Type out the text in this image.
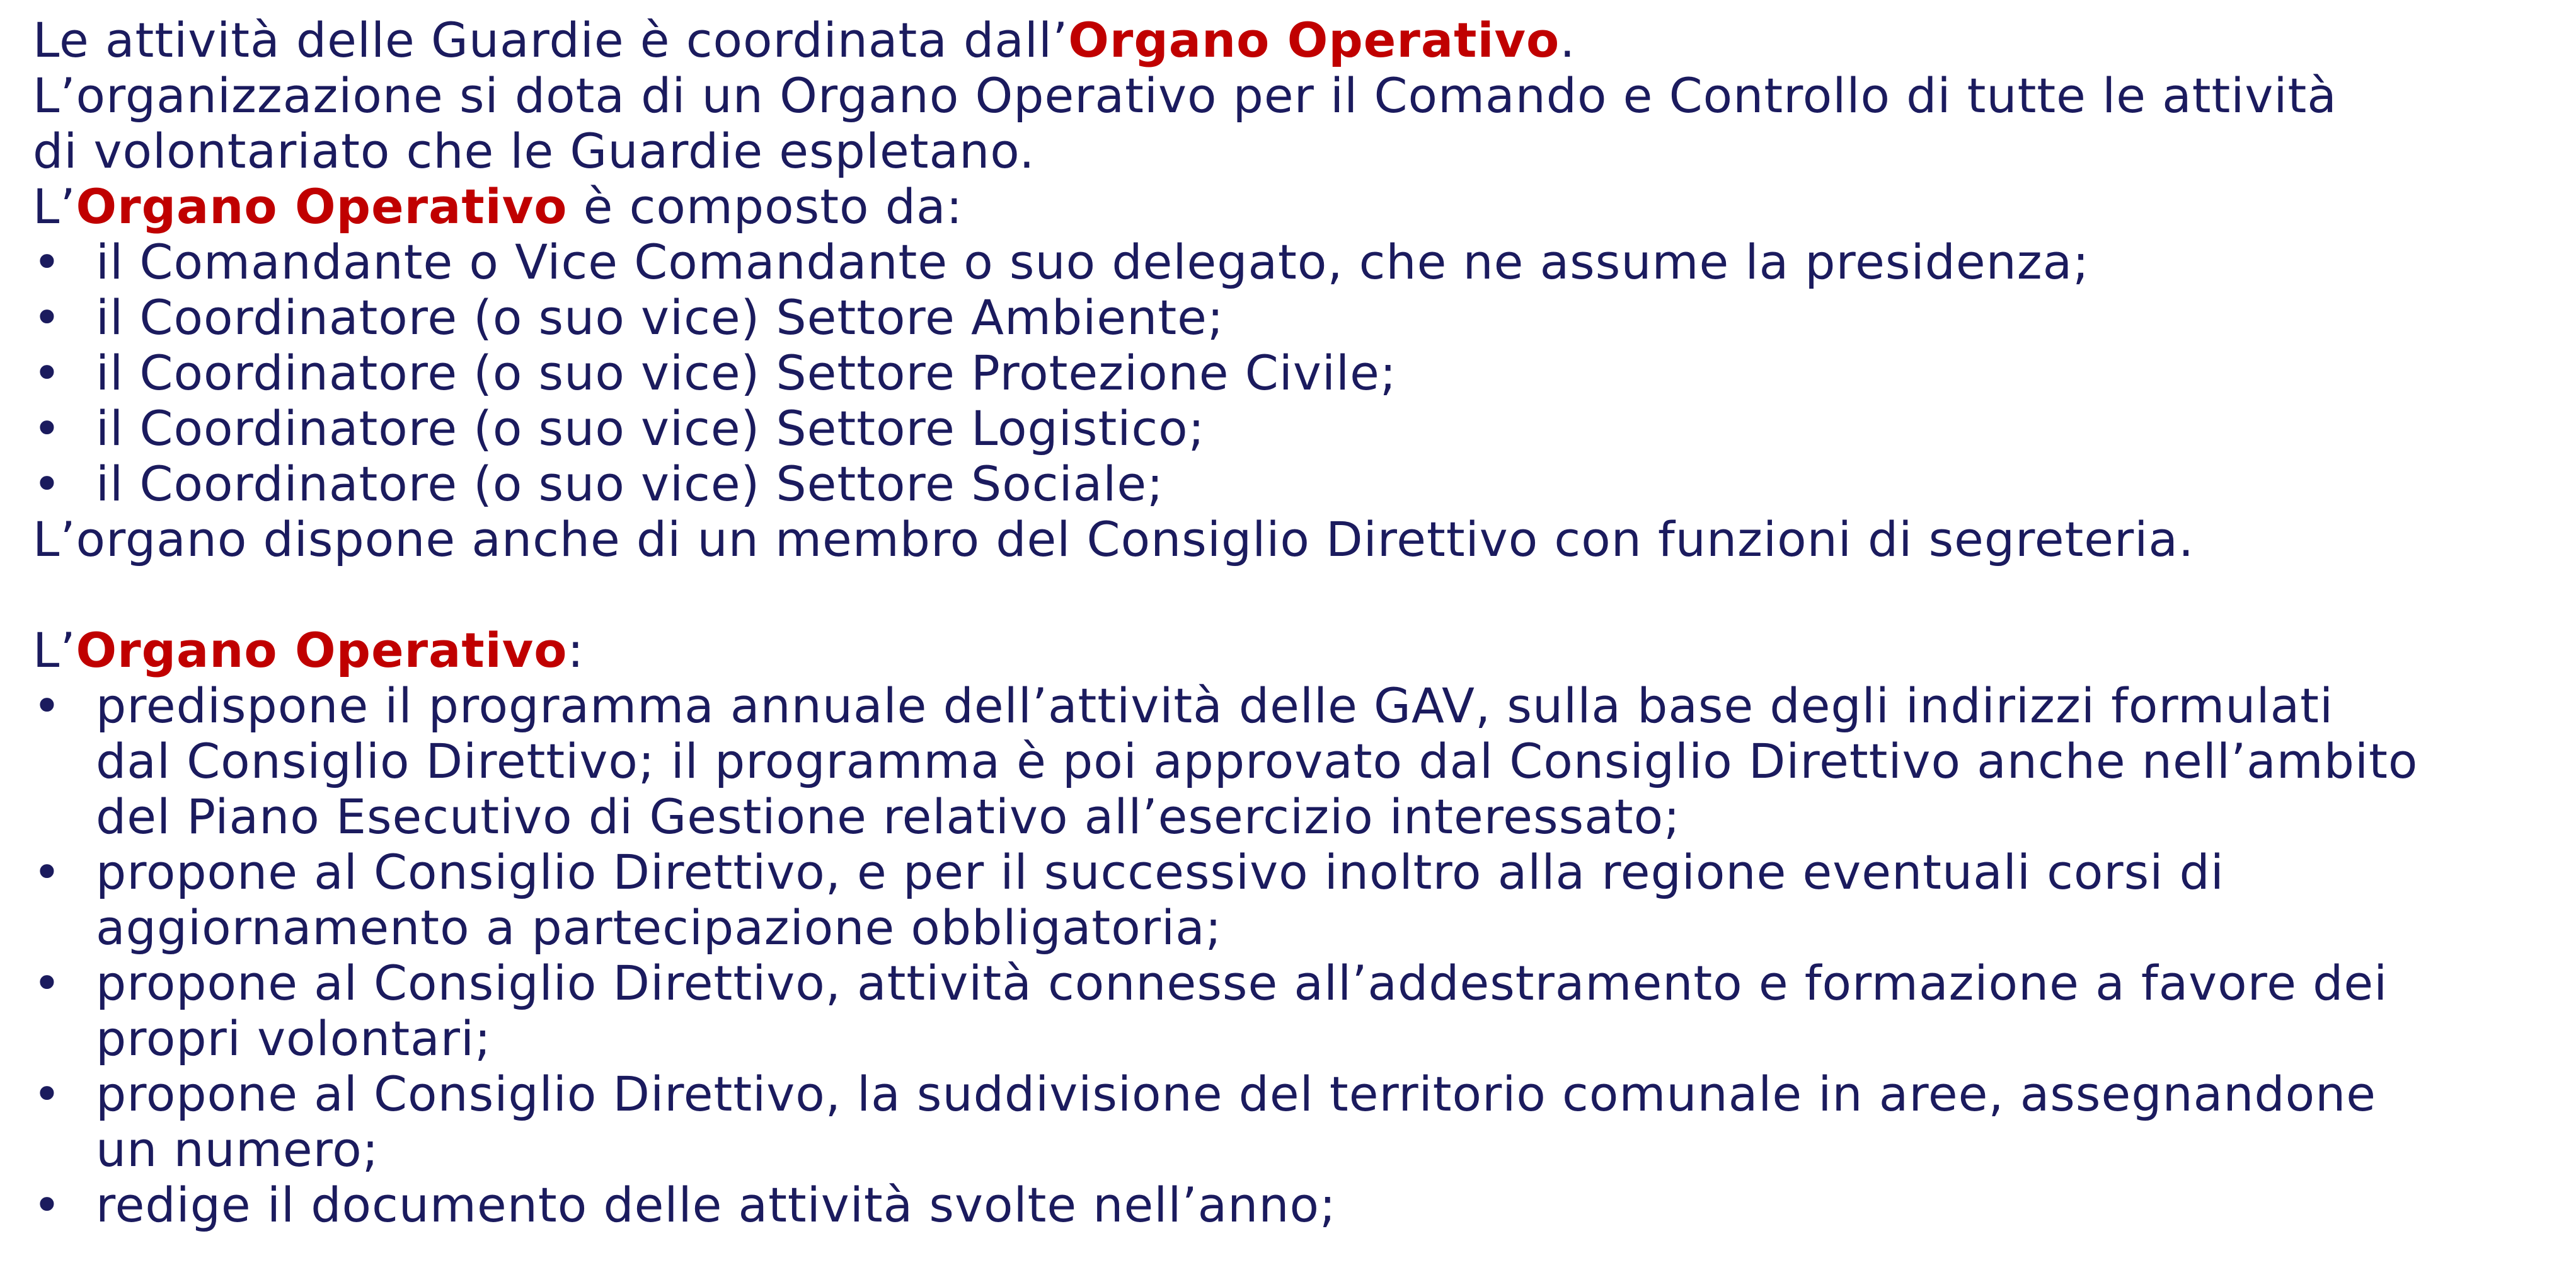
Le attività delle Guardie è coordinata dall’Organo Operativo.
L’organizzazione si dota di un Organo Operativo per il Comando e Controllo di tutte le attività
di volontariato che le Guardie espletano.
L’Organo Operativo è composto da:
• il Comandante o Vice Comandante o suo delegato, che ne assume la presidenza;
• il Coordinatore (o suo vice) Settore Ambiente;
• il Coordinatore (o suo vice) Settore Protezione Civile;
• il Coordinatore (o suo vice) Settore Logistico;
• il Coordinatore (o suo vice) Settore Sociale;
L’organo dispone anche di un membro del Consiglio Direttivo con funzioni di segreteria.
L’Organo Operativo:
• predispone il programma annuale dell’attività delle GAV, sulla base degli indirizzi formulati
dal Consiglio Direttivo; il programma è poi approvato dal Consiglio Direttivo anche nell’ambito
del Piano Esecutivo di Gestione relativo all’esercizio interessato;
• propone al Consiglio Direttivo, e per il successivo inoltro alla regione eventuali corsi di
aggiornamento a partecipazione obbligatoria;
• propone al Consiglio Direttivo, attività connesse all’addestramento e formazione a favore dei
propri volontari;
• propone al Consiglio Direttivo, la suddivisione del territorio comunale in aree, assegnandone
un numero;
• redige il documento delle attività svolte nell’anno;
